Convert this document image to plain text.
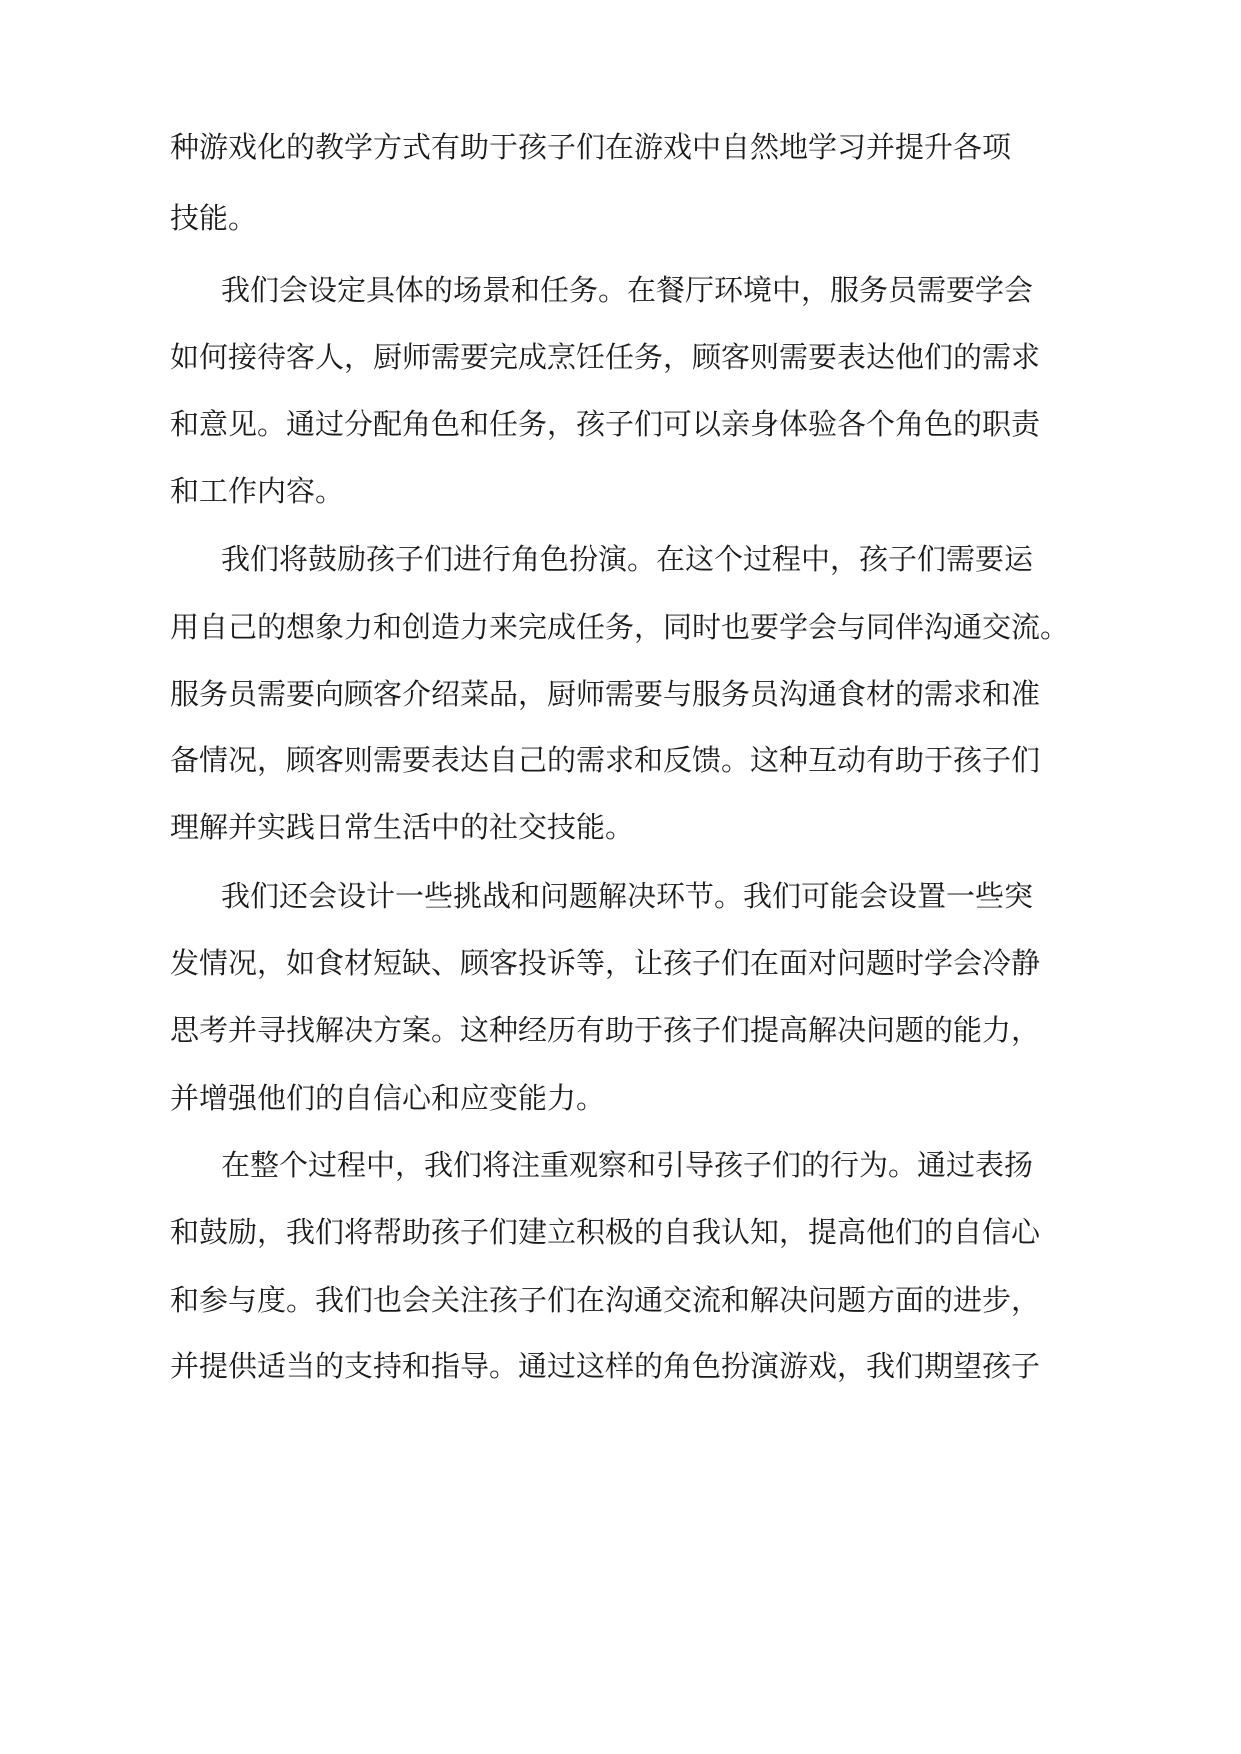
种游戏化的教学方式有助于孩子们在游戏中自然地学习并提升各项
技能。
我们会设定具体的场景和任务。在餐厅环境中，服务员需要学会
如何接待客人，厨师需要完成烹饪任务，顾客则需要表达他们的需求
和意见。通过分配角色和任务，孩子们可以亲身体验各个角色的职责
和工作内容。
我们将鼓励孩子们进行角色扮演。在这个过程中，孩子们需要运
用自己的想象力和创造力来完成任务，同时也要学会与同伴沟通交流。
服务员需要向顾客介绍菜品，厨师需要与服务员沟通食材的需求和准
备情况，顾客则需要表达自己的需求和反馈。这种互动有助于孩子们
理解并实践日常生活中的社交技能。
我们还会设计一些挑战和问题解决环节。我们可能会设置一些突
发情况，如食材短缺、顾客投诉等，让孩子们在面对问题时学会冷静
思考并寻找解决方案。这种经历有助于孩子们提高解决问题的能力，
并增强他们的自信心和应变能力。
在整个过程中，我们将注重观察和引导孩子们的行为。通过表扬
和鼓励，我们将帮助孩子们建立积极的自我认知，提高他们的自信心
和参与度。我们也会关注孩子们在沟通交流和解决问题方面的进步，
并提供适当的支持和指导。通过这样的角色扮演游戏，我们期望孩子
